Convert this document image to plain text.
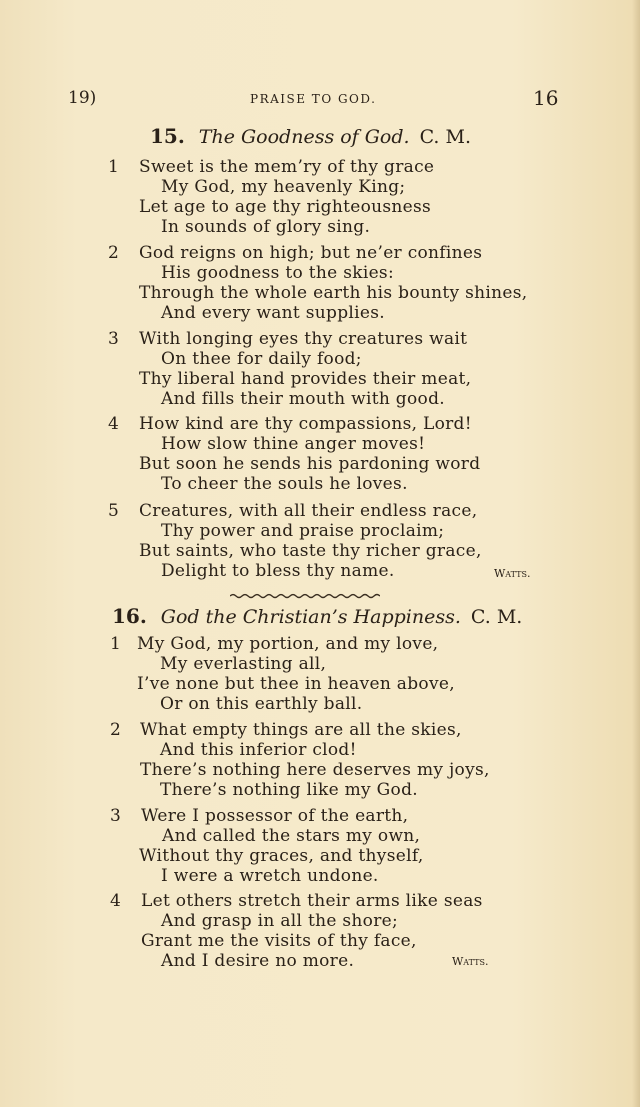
19)	PRAISE TO GOD.	16
15. The Goodness of God. C. M.
1 Sweet is the mem’ry of thy grace
My God, my heavenly King;
Let age to age thy righteousness
In sounds of glory sing.
2 God reigns on high; but ne’er confines
His goodness to the skies:
Through the whole earth his bounty shines,
And every want supplies.
3 With longing eyes thy creatures wait
On thee for daily food;
Thy liberal hand provides their meat,
And fills their mouth with good.
4 How kind are thy compassions, Lord!
How slow thine anger moves!
But soon he sends his pardoning word
To cheer the souls he loves.
5 Creatures, with all their endless race,
Thy power and praise proclaim;
But saints, who taste thy richer grace,
Delight to bless thy name.	Watts.
16. God the Christian’s Happiness. C. M.
1 My God, my portion, and my love,
My everlasting all,
I’ve none but thee in heaven above,
Or on this earthly ball.
2 What empty things are all the skies,
And this inferior clod!
There’s nothing here deserves my joys,
There’s nothing like my God.
3 Were I possessor of the earth,
And called the stars my own,
Without thy graces, and thyself,
I were a wretch undone.
4 Let others stretch their arms like seas
And grasp in all the shore;
Grant me the visits of thy face,
And I desire no more.	Watts.
